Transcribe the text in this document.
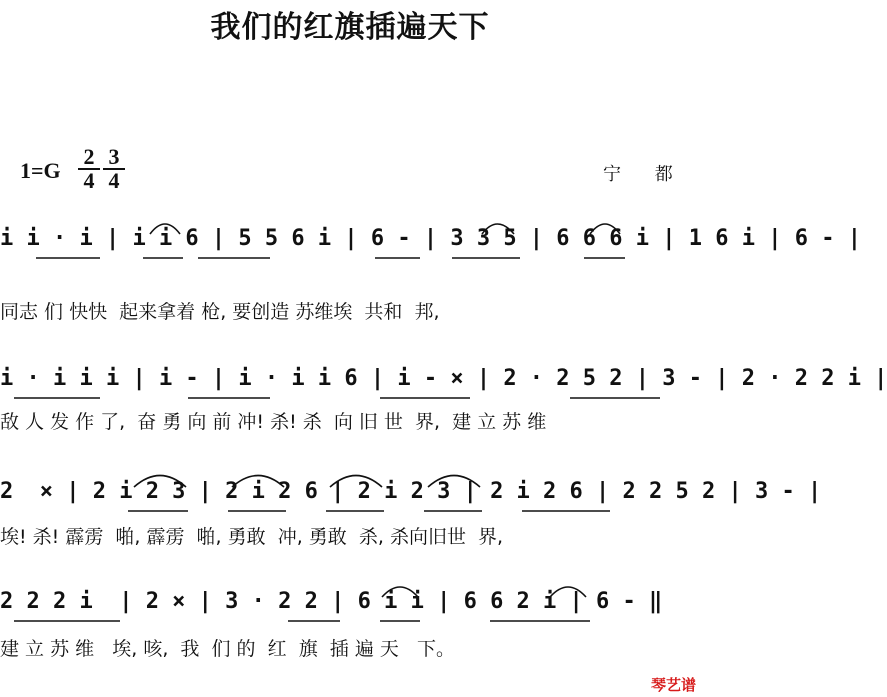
我们的红旗插遍天下
$1=G \frac{2}{4} \frac{3}{4}$	宁 都
i i · i | i i 6 | 5 5 6 i | 6 - | 3 3 5 | 6 6 6 i | 1 6 i | 6 - |
同志 们 快快  起来拿着 枪, 要创造 苏维埃  共和  邦,
i · i i i | i - | i · i i 6 | i - × | 2 · 2 5 2 | 3 - | 2 · 2 2 i |
敌 人 发 作 了,  奋 勇 向 前 冲! 杀! 杀  向 旧 世  界,  建 立 苏 维
2  × | 2 i 2 3 | 2 i 2 6 | 2 i 2 3 | 2 i 2 6 | 2 2 5 2 | 3 - |
埃! 杀! 霹雳  啪, 霹雳  啪, 勇敢  冲, 勇敢  杀, 杀向旧世  界,
2 2 2 i  | 2 × | 3 · 2 2 | 6 i i | 6 6 2 i | 6 - ‖
建 立 苏 维   埃, 咳,  我  们 的  红  旗  插 遍 天   下。
琴艺谱
